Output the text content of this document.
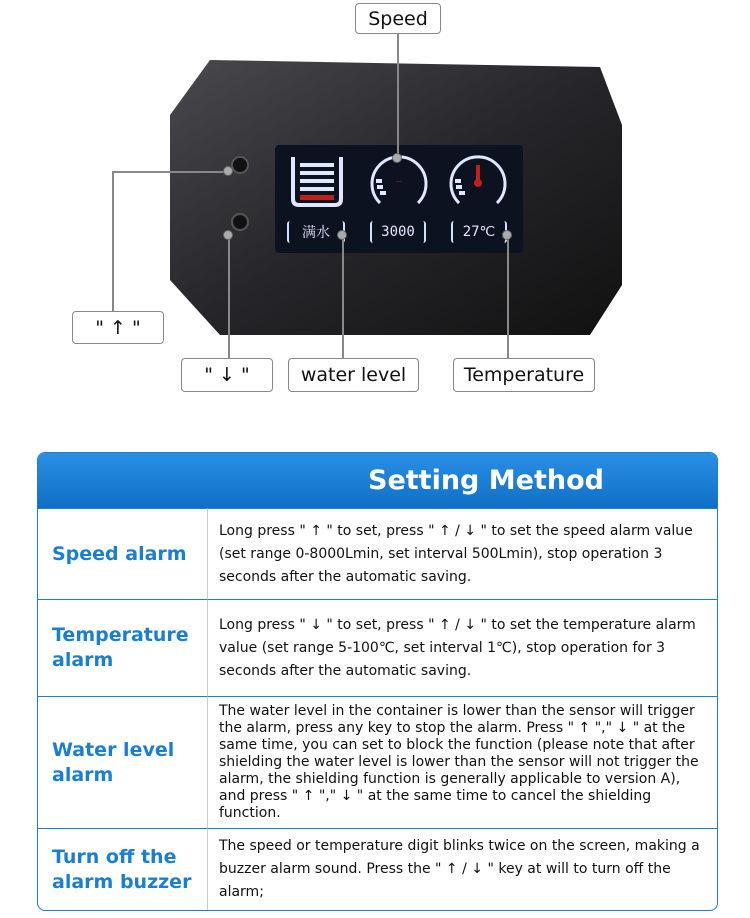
—
满水	3000	27℃
Speed
" ↑ "
" ↓ "	water level	Temperature
Setting Method	
Speed alarm	Long press " ↑ " to set, press " ↑ / ↓ " to set the speed alarm value (set range 0-8000Lmin, set interval 500Lmin), stop operation 3 seconds after the automatic saving.
Temperature alarm	Long press " ↓ " to set, press " ↑ / ↓ " to set the temperature alarm value (set range 5-100℃, set interval 1℃), stop operation for 3 seconds after the automatic saving.
Water level alarm	The water level in the container is lower than the sensor will trigger the alarm, press any key to stop the alarm. Press " ↑ "," ↓ " at the same time, you can set to block the function (please note that after shielding the water level is lower than the sensor will not trigger the alarm, the shielding function is generally applicable to version A), and press " ↑ "," ↓ " at the same time to cancel the shielding function.
Turn off the alarm buzzer	The speed or temperature digit blinks twice on the screen, making a buzzer alarm sound. Press the " ↑ / ↓ " key at will to turn off the alarm;
